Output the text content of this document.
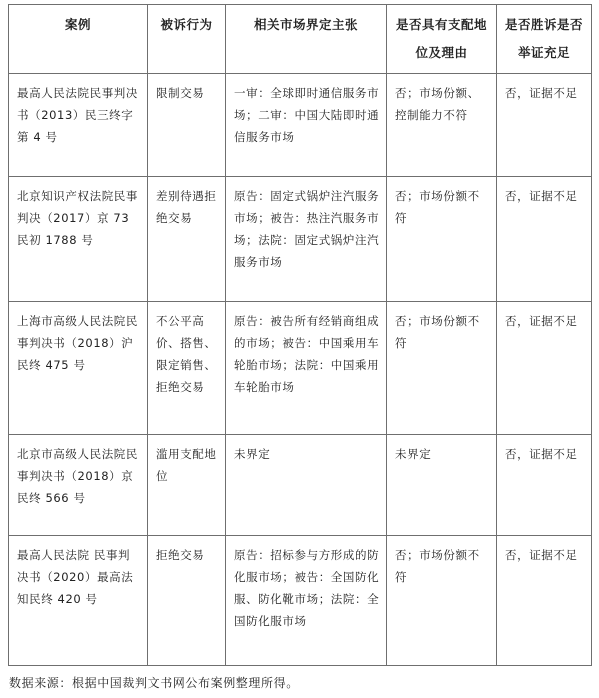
案例	被诉行为	相关市场界定主张	是否具有支配地位及理由	是否胜诉是否举证充足
最高人民法院民事判决书（2013）民三终字第 4 号	限制交易	一审：全球即时通信服务市场；二审：中国大陆即时通信服务市场	否；市场份额、控制能力不符	否，证据不足
北京知识产权法院民事判决（2017）京 73 民初 1788 号	差别待遇拒绝交易	原告：固定式锅炉注汽服务市场；被告：热注汽服务市场；法院：固定式锅炉注汽服务市场	否；市场份额不符	否，证据不足
上海市高级人民法院民事判决书（2018）沪民终 475 号	不公平高价、搭售、限定销售、拒绝交易	原告：被告所有经销商组成的市场；被告：中国乘用车轮胎市场；法院：中国乘用车轮胎市场	否；市场份额不符	否，证据不足
北京市高级人民法院民事判决书（2018）京民终 566 号	滥用支配地位	未界定	未界定	否，证据不足
最高人民法院 民事判决书（2020）最高法知民终 420 号	拒绝交易	原告：招标参与方形成的防化服市场；被告：全国防化服、防化靴市场；法院：全国防化服市场	否；市场份额不符	否，证据不足
数据来源：根据中国裁判文书网公布案例整理所得。
